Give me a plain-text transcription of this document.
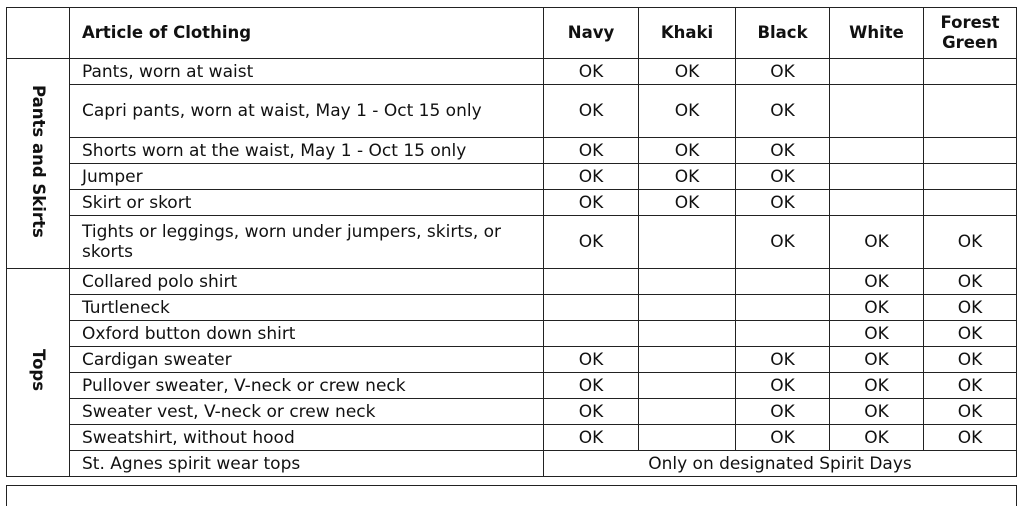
	Article of Clothing	Navy	Khaki	Black	White	Forest Green
Pants and Skirts	Pants, worn at waist	OK	OK	OK		
	Capri pants, worn at waist, May 1 - Oct 15 only	OK	OK	OK		
	Shorts worn at the waist, May 1 - Oct 15 only	OK	OK	OK		
	Jumper	OK	OK	OK		
	Skirt or skort	OK	OK	OK		
	Tights or leggings, worn under jumpers, skirts, or skorts	OK		OK	OK	OK
Tops	Collared polo shirt				OK	OK
	Turtleneck				OK	OK
	Oxford button down shirt				OK	OK
	Cardigan sweater	OK		OK	OK	OK
	Pullover sweater, V-neck or crew neck	OK		OK	OK	OK
	Sweater vest, V-neck or crew neck	OK		OK	OK	OK
	Sweatshirt, without hood	OK		OK	OK	OK
	St. Agnes spirit wear tops	Only on designated Spirit Days				
